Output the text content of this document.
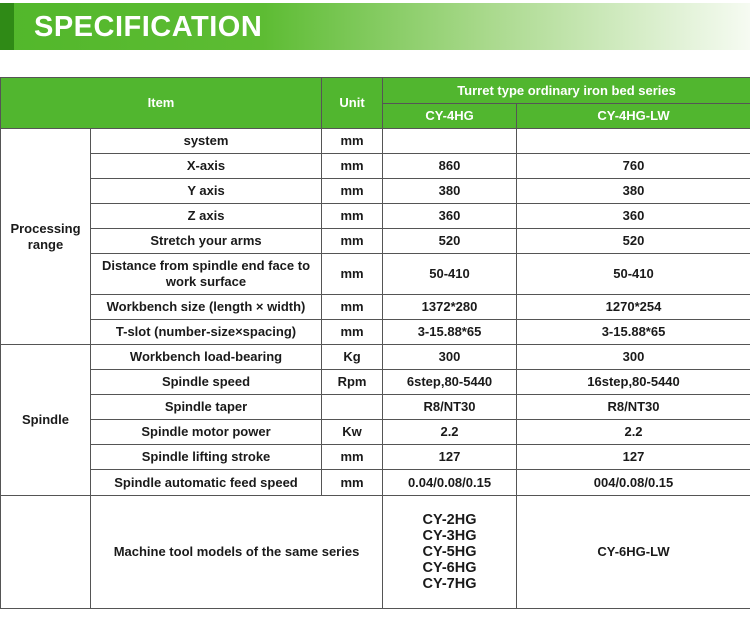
SPECIFICATION
Item		Unit	Turret type ordinary iron bed series	
			CY-4HG	CY-4HG-LW
Processing range	system	mm		
	X-axis	mm	860	760
	Y axis	mm	380	380
	Z axis	mm	360	360
	Stretch your arms	mm	520	520
	Distance from spindle end face to work surface	mm	50-410	50-410
	Workbench size (length × width)	mm	1372*280	1270*254
	T-slot (number-size×spacing)	mm	3-15.88*65	3-15.88*65
Spindle	Workbench load-bearing	Kg	300	300
	Spindle speed	Rpm	6step,80-5440	16step,80-5440
	Spindle taper		R8/NT30	R8/NT30
	Spindle motor power	Kw	2.2	2.2
	Spindle lifting stroke	mm	127	127
	Spindle automatic feed speed	mm	0.04/0.08/0.15	004/0.08/0.15
	Machine tool models of the same series		CY-2HG
CY-3HG
CY-5HG
CY-6HG
CY-7HG	CY-6HG-LW
